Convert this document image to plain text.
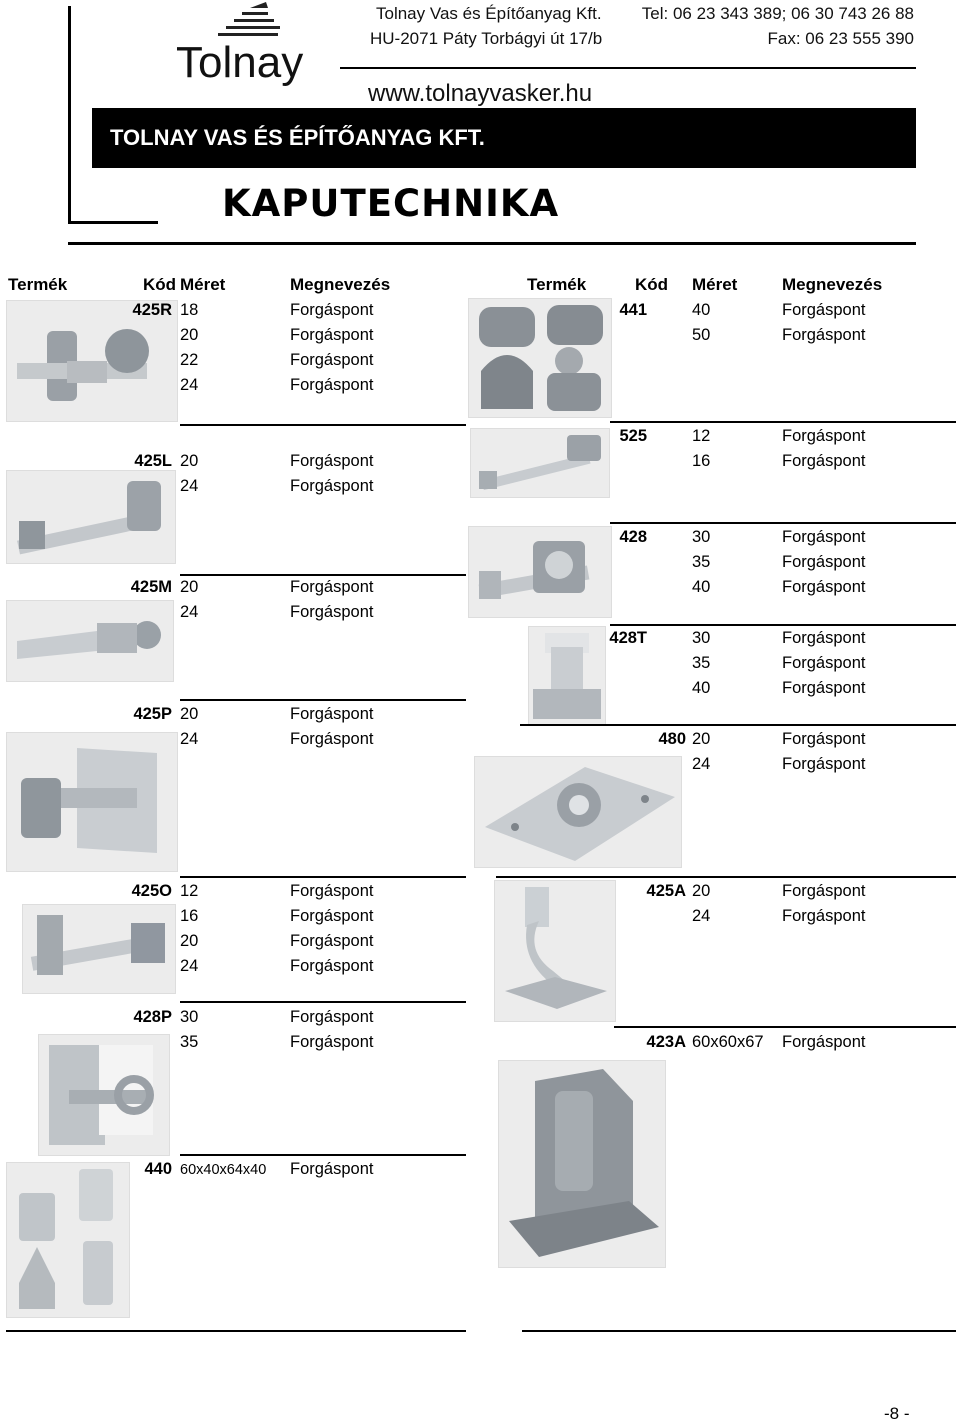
Tolnay
Tolnay Vas és Építőanyag Kft. Tel: 06 23 343 389; 06 30 743 26 88
HU-2071 Páty Torbágyi út 17/b	Fax: 06 23 555 390
www.tolnayvasker.hu
TOLNAY VAS ÉS ÉPÍTŐANYAG KFT.
KAPUTECHNIKA
Termék	Kód Méret	Megnevezés	Termék	Kód Méret	Megnevezés
425R 18	Forgáspont
20	Forgáspont
22	Forgáspont
24	Forgáspont
425L 20	Forgáspont
24	Forgáspont
425M 20	Forgáspont
24	Forgáspont
425P 20	Forgáspont
24	Forgáspont
425O 12	Forgáspont
16	Forgáspont
20	Forgáspont
24	Forgáspont
428P 30	Forgáspont
35	Forgáspont
440 60x40x64x40 Forgáspont
441	40	Forgáspont
50	Forgáspont
525	12	Forgáspont
16	Forgáspont
428	30	Forgáspont
35	Forgáspont
40	Forgáspont
428T	30	Forgáspont
35	Forgáspont
40	Forgáspont
480 20	Forgáspont
24	Forgáspont
425A 20	Forgáspont
24	Forgáspont
423A 60x60x67 Forgáspont
-8 -
